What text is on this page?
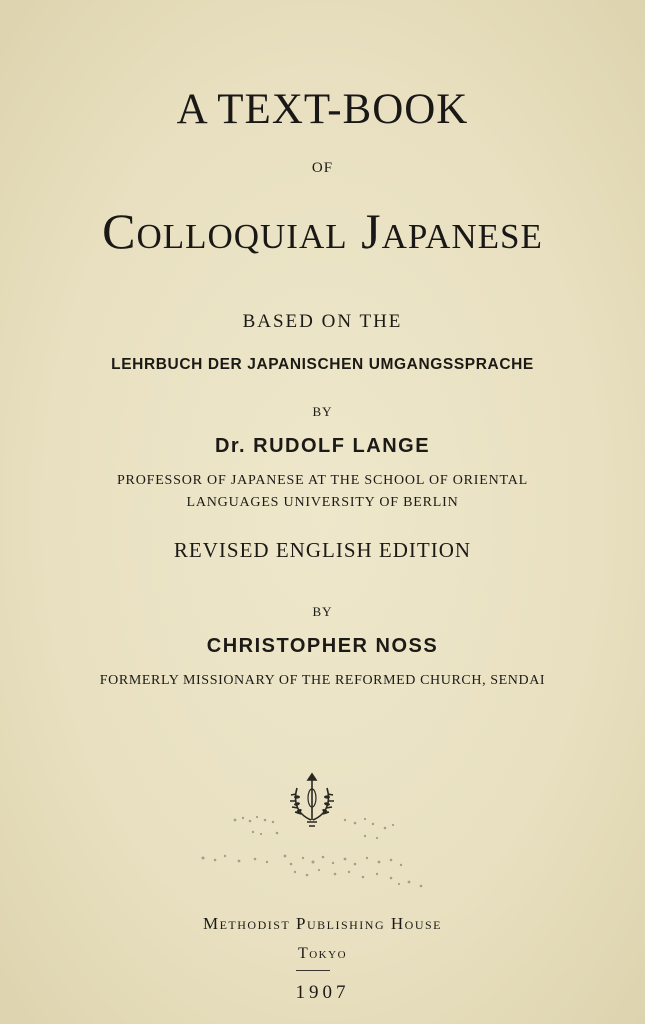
A TEXT-BOOK
OF
Colloquial Japanese
BASED ON THE
LEHRBUCH DER JAPANISCHEN UMGANGSSPRACHE
BY
Dr. RUDOLF LANGE
PROFESSOR OF JAPANESE AT THE SCHOOL OF ORIENTAL
LANGUAGES UNIVERSITY OF BERLIN
REVISED ENGLISH EDITION
BY
CHRISTOPHER NOSS
FORMERLY MISSIONARY OF THE REFORMED CHURCH, SENDAI
Methodist Publishing House
Tokyo
1907
